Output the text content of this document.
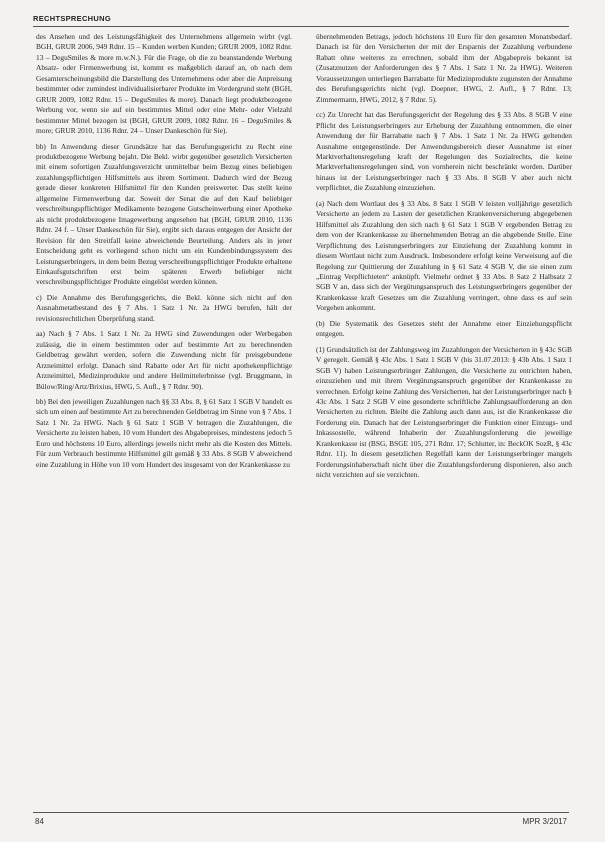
RECHTSPRECHUNG

des Ansehen und des Leistungsfähigkeit des Unternehmens allgemein wirbt (vgl. BGH, GRUR 2006, 949 Rdnr. 15 – Kunden werben Kunden; GRUR 2009, 1082 Rdnr. 13 – DeguSmiles & more m.w.N.). Für die Frage, ob die zu beanstandende Werbung Absatz- oder Firmenwerbung ist, kommt es maßgeblich darauf an, ob nach dem Gesamterscheinungsbild die Darstellung des Unternehmens oder aber die Anpreisung bestimmter oder zumindest individualisierbarer Produkte im Vordergrund steht (BGH, GRUR 2009, 1082 Rdnr. 15 – DeguSmiles & more). Danach liegt produktbezogene Werbung vor, wenn sie auf ein bestimmtes Mittel oder eine Mehr- oder Vielzahl bestimmter Mittel bezogen ist (BGH, GRUR 2009, 1082 Rdnr. 16 – DeguSmiles & more; GRUR 2010, 1136 Rdnr. 24 – Unser Dankeschön für Sie).

bb) In Anwendung dieser Grundsätze hat das Berufungsgericht zu Recht eine produktbezogene Werbung bejaht. Die Bekl. wirbt gegenüber gesetzlich Versicherten mit einem sofortigen Zuzahlungsverzicht unmittelbar beim Bezug eines beliebigen zuzahlungspflichtigen Hilfsmittels aus ihrem Sortiment. Dadurch wird der Bezug gerade dieser konkreten Hilfsmittel für den Kunden preiswerter. Das stellt keine allgemeine Firmenwerbung dar. Soweit der Senat die auf den Kauf beliebiger verschreibungspflichtiger Medikamente bezogene Gutscheinwerbung einer Apotheke als nicht produktbezogene Imagewerbung angesehen hat (BGH, GRUR 2010, 1136 Rdnr. 24 f. – Unser Dankeschön für Sie), ergibt sich daraus entgegen der Ansicht der Revision für den Streitfall keine abweichende Beurteilung. Anders als in jener Entscheidung geht es vorliegend schon nicht um ein Kundenbindungssystem des Leistungserbringers, in dem beim Bezug verschreibungspflichtiger Produkte erhaltene Einkaufsgutschriften erst beim späteren Erwerb beliebiger nicht verschreibungspflichtiger Produkte eingelöst werden können.

c) Die Annahme des Berufungsgerichts, die Bekl. könne sich nicht auf den Ausnahmetatbestand des § 7 Abs. 1 Satz 1 Nr. 2a HWG berufen, hält der revisionsrechtlichen Überprüfung stand.

aa) Nach § 7 Abs. 1 Satz 1 Nr. 2a HWG sind Zuwendungen oder Werbegaben zulässig, die in einem bestimmten oder auf bestimmte Art zu berechnenden Geldbetrag gewährt werden, sofern die Zuwendung nicht für preisgebundene Arzneimittel erfolgt. Danach sind Rabatte oder Art für nicht apothekenpflichtige Arzneimittel, Medizinprodukte und andere Heilmittelerbnisse (vgl. Bruggmann, in Bülow/Ring/Artz/Brixius, HWG, 5. Aufl., § 7 Rdnr. 90).

bb) Bei den jeweiligen Zuzahlungen nach §§ 33 Abs. 8, § 61 Satz 1 SGB V handelt es sich um einen auf bestimmte Art zu berechnenden Geldbetrag im Sinne von § 7 Abs. 1 Satz 1 Nr. 2a HWG. Nach § 61 Satz 1 SGB V betragen die Zuzahlungen, die Versicherte zu leisten haben, 10 vom Hundert des Abgabepreises, mindestens jedoch 5 Euro und höchstens 10 Euro, allerdings jeweils nicht mehr als die Kosten des Mittels. Für zum Verbrauch bestimmte Hilfsmittel gilt gemäß § 33 Abs. 8 SGB V abweichend eine Zuzahlung in Höhe von 10 vom Hundert des insgesamt von der Krankenkasse zu

übernehmenden Betrags, jedoch höchstens 10 Euro für den gesamten Monatsbedarf. Danach ist für den Versicherten der mit der Ersparnis der Zuzahlung verbundene Rabatt ohne weiteres zu errechnen, sobald ihm der Abgabepreis bekannt ist (Zusatznutzen der Anforderungen des § 7 Abs. 1 Satz 1 Nr. 2a HWG). Weiteren Voraussetzungen unterliegen Barrabatte für Medizinprodukte zugunsten der Annahme des Berufungsgerichts nicht (vgl. Doepner, HWG, 2. Aufl., § 7 Rdnr. 13; Zimmermann, HWG, 2012, § 7 Rdnr. 5).

cc) Zu Unrecht hat das Berufungsgericht der Regelung des § 33 Abs. 8 SGB V eine Pflicht des Leistungserbringers zur Erhebung der Zuzahlung entnommen, die einer Anwendung der für Barrabatte nach § 7 Abs. 1 Satz 1 Nr. 2a HWG geltenden Ausnahme entgegenstünde. Der Anwendungsbereich dieser Ausnahme ist einer Marktverhaltensregelung kraft der Regelungen des Sozialrechts, die keine Marktverhaltensregelungen sind, von vornherein nicht beschränkt worden. Darüber hinaus ist der Leistungserbringer nach § 33 Abs. 8 SGB V aber auch nicht verpflichtet, die Zuzahlung einzuziehen.

(a) Nach dem Wortlaut des § 33 Abs. 8 Satz 1 SGB V leisten volljährige gesetzlich Versicherte an jedem zu Lasten der gesetzlichen Krankenversicherung abgegebenen Hilfsmittel als Zuzahlung den sich nach § 61 Satz 1 SGB V ergebenden Betrag zu dem von der Krankenkasse zu übernehmenden Betrag an die abgebende Stelle. Eine Verpflichtung des Leistungserbringers zur Einziehung der Zuzahlung kommt in diesem Wortlaut nicht zum Ausdruck. Insbesondere erfolgt keine Verweisung auf die Regelung zur Quittierung der Zuzahlung in § 61 Satz 4 SGB V, die sie einen zum „Eintrag Verpflichteten“ anknüpft. Vielmehr ordnet § 33 Abs. 8 Satz 2 Halbsatz 2 SGB V an, dass sich der Vergütungsanspruch des Leistungserbringers gegenüber der Krankenkasse kraft Gesetzes um die Zuzahlung verringert, ohne dass es auf sein Vorgehen ankommt.

(b) Die Systematik des Gesetzes steht der Annahme einer Einziehungspflicht entgegen.

(1) Grundsätzlich ist der Zahlungsweg im Zuzahlungen der Versicherten in § 43c SGB V geregelt. Gemäß § 43c Abs. 1 Satz 1 SGB V (bis 31.07.2013: § 43b Abs. 1 Satz 1 SGB V) haben Leistungserbringer Zahlungen, die Versicherte zu entrichten haben, einzuziehen und mit ihrem Vergütungsanspruch gegenüber der Krankenkasse zu verrechnen. Erfolgt keine Zahlung des Versicherten, hat der Leistungserbringer nach § 43c Abs. 1 Satz 2 SGB V eine gesonderte schriftliche Zahlungsaufforderung an den Versicherten zu richten. Bleibt die Zahlung auch dann aus, ist die Krankenkasse die Forderung ein. Danach hat der Leistungserbringer die Funktion einer Einzugs- und Inkassostelle, während Inhaberin der Zuzahlungsforderung die jeweilige Krankenkasse ist (BSG, BSGE 105, 271 Rdnr. 17; Schlutter, in: BeckOK SozR, § 43c Rdnr. 11). In diesem gesetzlichen Regelfall kann der Leistungserbringer mangels Forderungsinhaberschaft nicht über die Zuzahlungsforderung disponieren, also auch nicht verzichten auf sie verzichten.

84	MPR 3/2017
